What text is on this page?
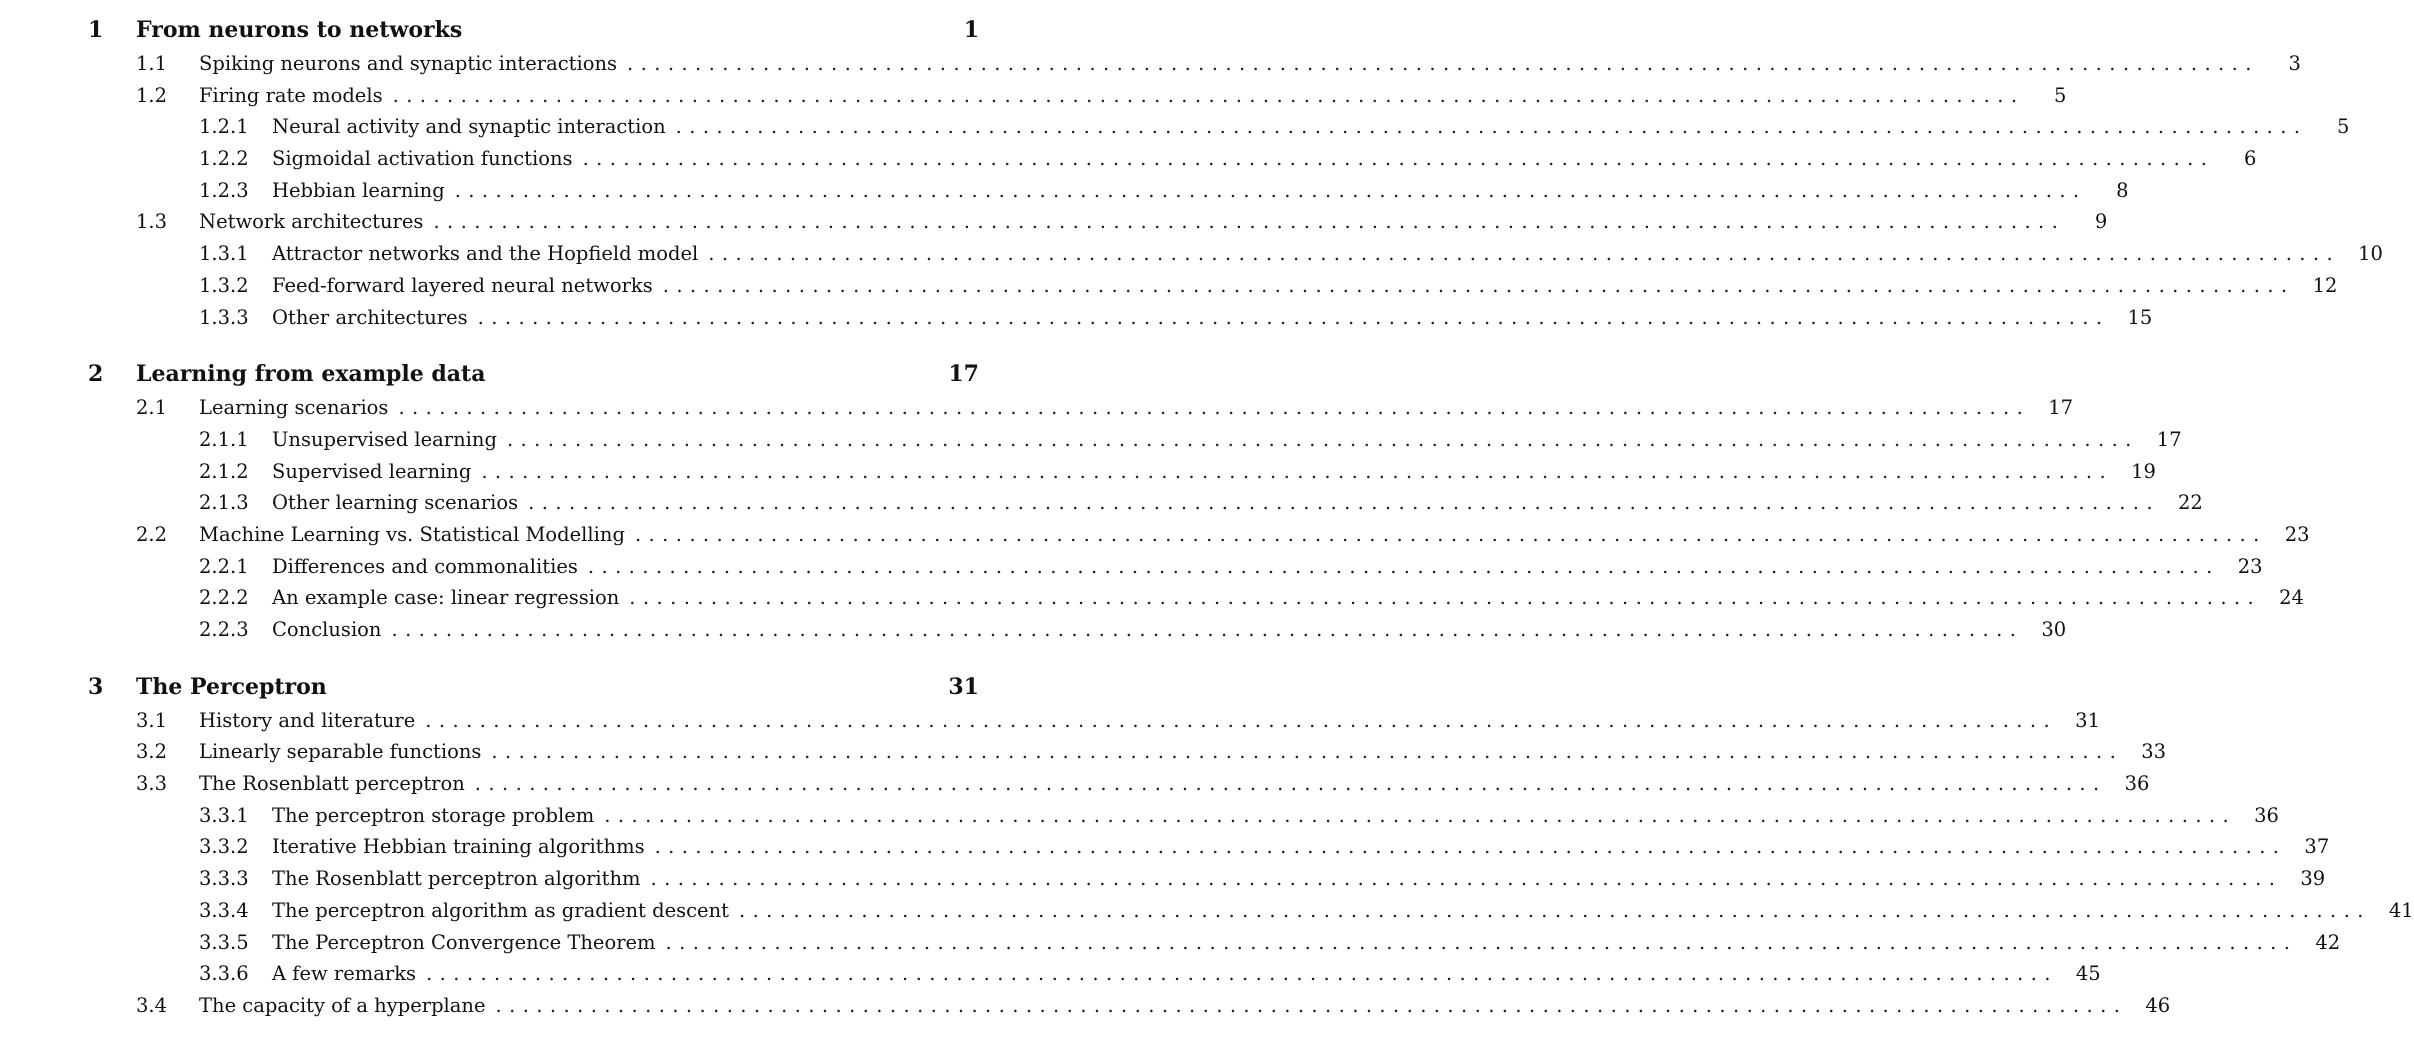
1	From neurons to networks	1
1.1	Spiking neurons and synaptic interactions ........................................................................................................................	3
1.2	Firing rate models ........................................................................................................................	5
1.2.1	Neural activity and synaptic interaction ........................................................................................................................	5
1.2.2	Sigmoidal activation functions ........................................................................................................................	6
1.2.3	Hebbian learning ........................................................................................................................	8
1.3	Network architectures ........................................................................................................................	9
1.3.1	Attractor networks and the Hopfield model ........................................................................................................................ 10
1.3.2	Feed-forward layered neural networks ........................................................................................................................ 12
1.3.3	Other architectures ........................................................................................................................ 15
2	Learning from example data	17
2.1	Learning scenarios ........................................................................................................................ 17
2.1.1	Unsupervised learning ........................................................................................................................ 17
2.1.2	Supervised learning ........................................................................................................................ 19
2.1.3	Other learning scenarios ........................................................................................................................ 22
2.2	Machine Learning vs. Statistical Modelling ........................................................................................................................ 23
2.2.1	Differences and commonalities ........................................................................................................................ 23
2.2.2	An example case: linear regression ........................................................................................................................ 24
2.2.3	Conclusion ........................................................................................................................ 30
3	The Perceptron	31
3.1	History and literature ........................................................................................................................ 31
3.2	Linearly separable functions ........................................................................................................................ 33
3.3	The Rosenblatt perceptron ........................................................................................................................ 36
3.3.1	The perceptron storage problem ........................................................................................................................ 36
3.3.2	Iterative Hebbian training algorithms ........................................................................................................................ 37
3.3.3	The Rosenblatt perceptron algorithm ........................................................................................................................ 39
3.3.4	The perceptron algorithm as gradient descent ........................................................................................................................ 41
3.3.5	The Perceptron Convergence Theorem ........................................................................................................................ 42
3.3.6	A few remarks ........................................................................................................................ 45
3.4	The capacity of a hyperplane ........................................................................................................................ 46
